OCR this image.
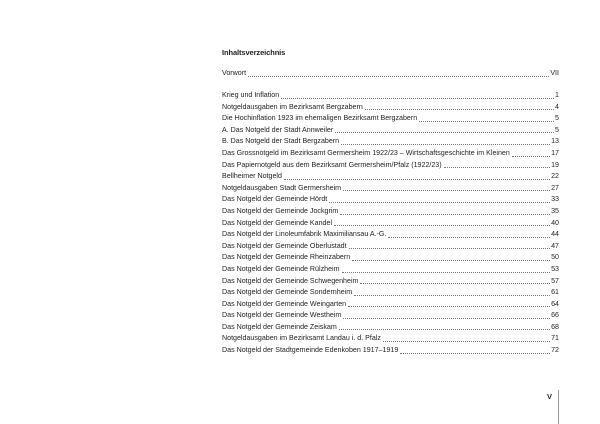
Inhaltsverzeichnis
Vorwort	VII
Krieg und Inflation	1
Notgeldausgaben im Bezirksamt Bergzabern	4
Die Hochinflation 1923 im ehemaligen Bezirksamt Bergzabern	5
A. Das Notgeld der Stadt Annweiler	5
B. Das Notgeld der Stadt Bergzabern	13
Das Grossnotgeld im Bezirksamt Germersheim 1922/23 – Wirtschaftsgeschichte im Kleinen	17
Das Papiernotgeld aus dem Bezirksamt Germersheim/Pfalz (1922/23)	19
Bellheimer Notgeld	22
Notgeldausgaben Stadt Germersheim	27
Das Notgeld der Gemeinde Hördt	33
Das Notgeld der Gemeinde Jockgrim	35
Das Notgeld der Gemeinde Kandel	40
Das Notgeld der Linoleumfabrik Maximiliansau A.-G.	44
Das Notgeld der Gemeinde Oberlustadt	47
Das Notgeld der Gemeinde Rheinzabern	50
Das Notgeld der Gemeinde Rülzheim	53
Das Notgeld der Gemeinde Schwegenheim	57
Das Notgeld der Gemeinde Sondernheim	61
Das Notgeld der Gemeinde Weingarten	64
Das Notgeld der Gemeinde Westheim	66
Das Notgeld der Gemeinde Zeiskam	68
Notgeldausgaben im Bezirksamt Landau i. d. Pfalz	71
Das Notgeld der Stadtgemeinde Edenkoben 1917–1919	72
V
